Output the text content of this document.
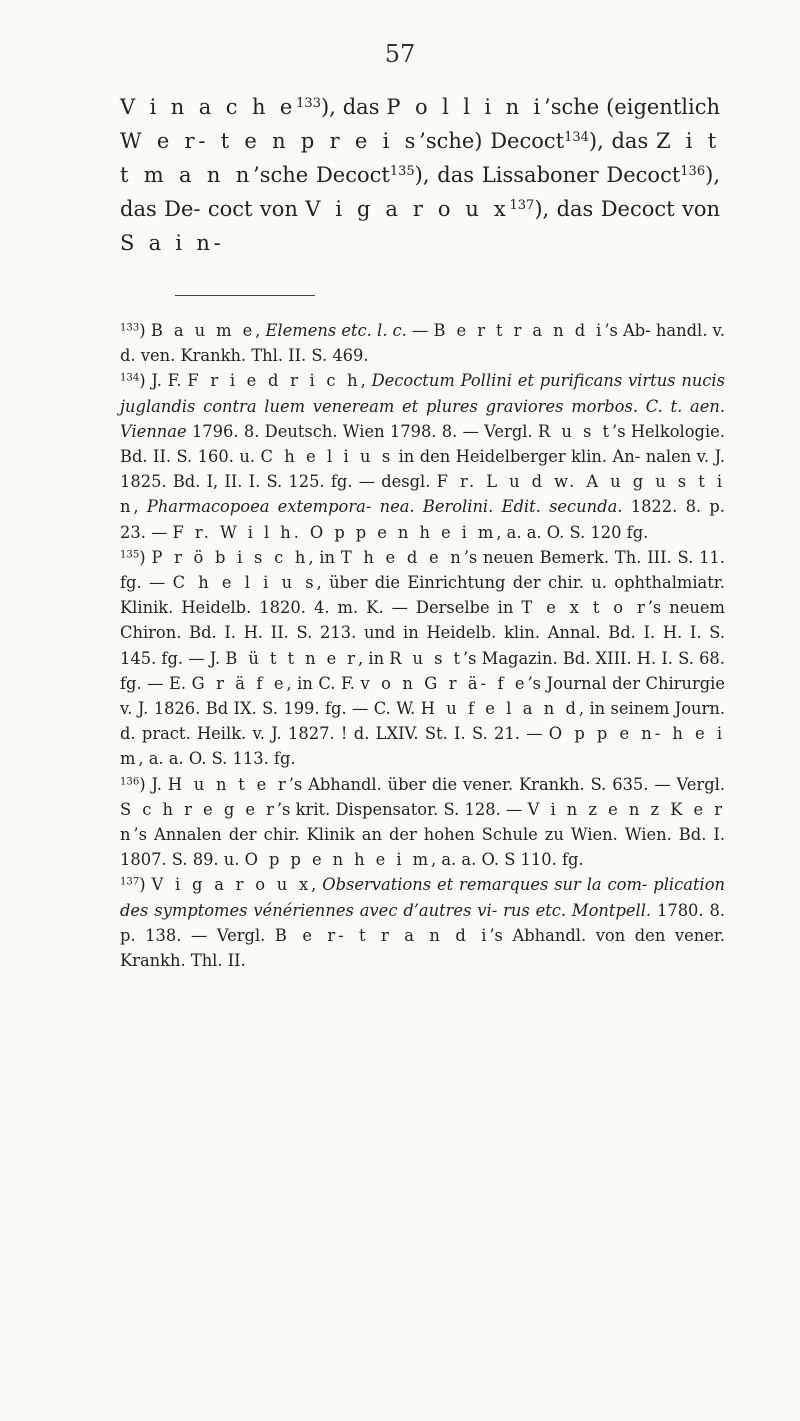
57
V i n a c h $e^{133}$), das P o l l i n i’sche (eigentlich W e r- t e n p r e i s’sche) Decoct$^{134}$), das Z i t t m a n n’sche Decoct$^{135}$), das Lissaboner Decoct$^{136}$), das De- coct von V i g a r o u $x^{137}$), das Decoct von S a i n-

$^{133}$) B a u m e, Elemens etc. l. c. — B e r t r a n d i’s Ab- handl. v. d. ven. Krankh. Thl. II. S. 469.

$^{134}$) J. F. F r i e d r i c h, Decoctum Pollini et purificans virtus nucis juglandis contra luem veneream et plures graviores morbos. C. t. aen. Viennae 1796. 8. Deutsch. Wien 1798. 8. — Vergl. R u s t’s Helkologie. Bd. II. S. 160. u. C h e l i u s in den Heidelberger klin. An- nalen v. J. 1825. Bd. I, II. I. S. 125. fg. — desgl. F r. L u d w. A u g u s t i n, Pharmacopoea extempora- nea. Berolini. Edit. secunda. 1822. 8. p. 23. — F r. W i l h. O p p e n h e i m, a. a. O. S. 120 fg.

$^{135}$) P r ö b i s c h, in T h e d e n’s neuen Bemerk. Th. III. S. 11. fg. — C h e l i u s, über die Einrichtung der chir. u. ophthalmiatr. Klinik. Heidelb. 1820. 4. m. K. — Derselbe in T e x t o r’s neuem Chiron. Bd. I. H. II. S. 213. und in Heidelb. klin. Annal. Bd. I. H. I. S. 145. fg. — J. B ü t t n e r, in R u s t’s Magazin. Bd. XIII. H. I. S. 68. fg. — E. G r ä f e, in C. F. v o n G r ä- f e’s Journal der Chirurgie v. J. 1826. Bd IX. S. 199. fg. — C. W. H u f e l a n d, in seinem Journ. d. pract. Heilk. v. J. 1827. ! d. LXIV. St. I. S. 21. — O p p e n- h e i m, a. a. O. S. 113. fg.

$^{136}$) J. H u n t e r’s Abhandl. über die vener. Krankh. S. 635. — Vergl. S c h r e g e r’s krit. Dispensator. S. 128. — V i n z e n z K e r n’s Annalen der chir. Klinik an der hohen Schule zu Wien. Wien. Bd. I. 1807. S. 89. u. O p p e n h e i m, a. a. O. S 110. fg.

$^{137}$) V i g a r o u x, Observations et remarques sur la com- plication des symptomes vénériennes avec d’autres vi- rus etc. Montpell. 1780. 8. p. 138. — Vergl. B e r- t r a n d i’s Abhandl. von den vener. Krankh. Thl. II.
